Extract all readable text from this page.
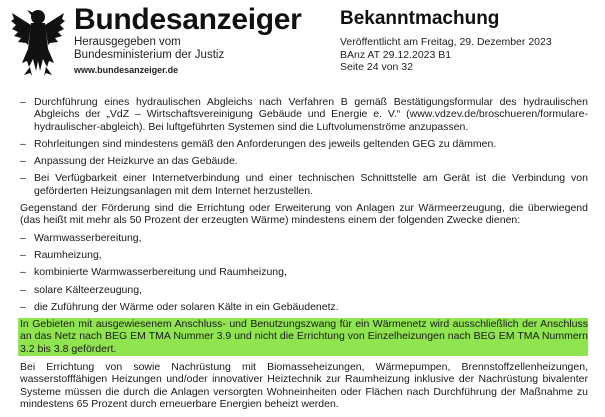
Bundesanzeiger
Herausgegeben vom
Bundesministerium der Justiz
www.bundesanzeiger.de
Bekanntmachung
Veröffentlicht am Freitag, 29. Dezember 2023
BAnz AT 29.12.2023 B1
Seite 24 von 32
– Durchführung eines hydraulischen Abgleichs nach Verfahren B gemäß Bestätigungsformular des hydraulischen Abgleichs der „VdZ – Wirtschaftsvereinigung Gebäude und Energie e. V.“ (www.vdzev.de/broschueren/formulare-hydraulischer-abgleich). Bei luftgeführten Systemen sind die Luftvolumenströme anzupassen.
– Rohrleitungen sind mindestens gemäß den Anforderungen des jeweils geltenden GEG zu dämmen.
– Anpassung der Heizkurve an das Gebäude.
– Bei Verfügbarkeit einer Internetverbindung und einer technischen Schnittstelle am Gerät ist die Verbindung von geförderten Heizungsanlagen mit dem Internet herzustellen.
Gegenstand der Förderung sind die Errichtung oder Erweiterung von Anlagen zur Wärmeerzeugung, die überwiegend (das heißt mit mehr als 50 Prozent der erzeugten Wärme) mindestens einem der folgenden Zwecke dienen:
– Warmwasserbereitung,
– Raumheizung,
– kombinierte Warmwasserbereitung und Raumheizung,
– solare Kälteerzeugung,
– die Zuführung der Wärme oder solaren Kälte in ein Gebäudenetz.
In Gebieten mit ausgewiesenem Anschluss- und Benutzungszwang für ein Wärmenetz wird ausschließlich der Anschluss an das Netz nach BEG EM TMA Nummer 3.9 und nicht die Errichtung von Einzelheizungen nach BEG EM TMA Nummern 3.2 bis 3.8 gefördert.
Bei Errichtung von sowie Nachrüstung mit Biomasseheizungen, Wärmepumpen, Brennstoffzellenheizungen, wasserstofffähigen Heizungen und/oder innovativer Heiztechnik zur Raumheizung inklusive der Nachrüstung bivalenter Systeme müssen die durch die Anlagen versorgten Wohneinheiten oder Flächen nach Durchführung der Maßnahme zu mindestens 65 Prozent durch erneuerbare Energien beheizt werden.
